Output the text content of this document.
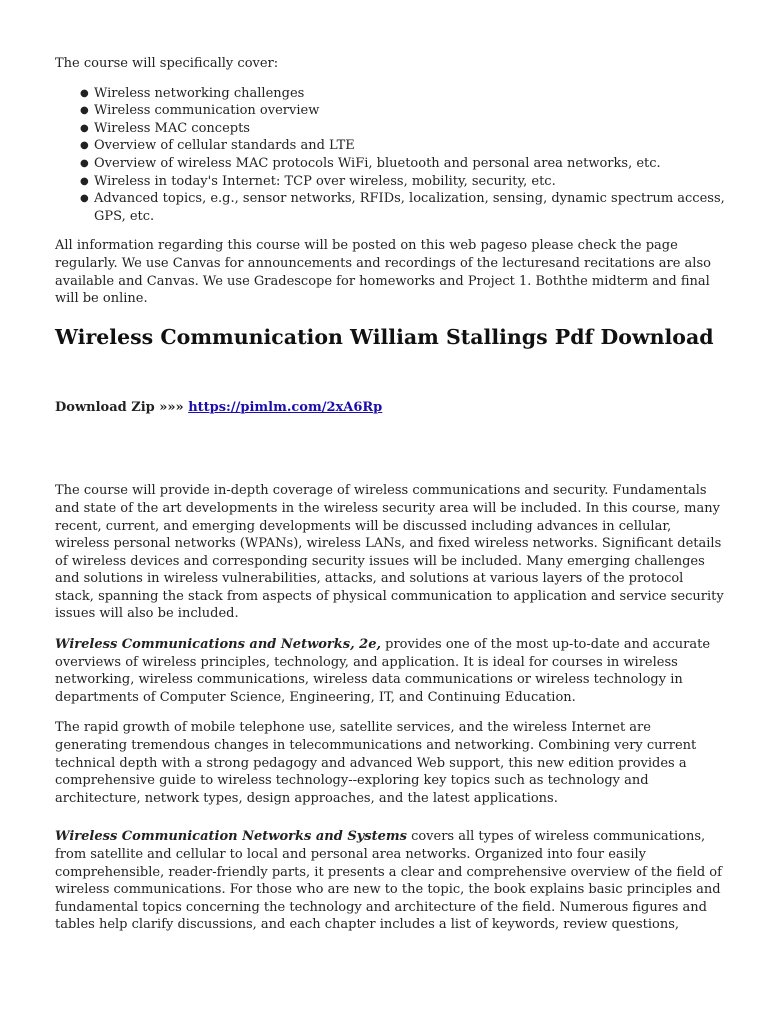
The course will specifically cover:

● Wireless networking challenges
● Wireless communication overview
● Wireless MAC concepts
● Overview of cellular standards and LTE
● Overview of wireless MAC protocols WiFi, bluetooth and personal area networks, etc.
● Wireless in today's Internet: TCP over wireless, mobility, security, etc.
● Advanced topics, e.g., sensor networks, RFIDs, localization, sensing, dynamic spectrum access, GPS, etc.

All information regarding this course will be posted on this web pageso please check the page regularly. We use Canvas for announcements and recordings of the lecturesand recitations are also available and Canvas. We use Gradescope for homeworks and Project 1. Boththe midterm and final will be online.

Wireless Communication William Stallings Pdf Download

Download Zip »»» https://pimlm.com/2xA6Rp

The course will provide in-depth coverage of wireless communications and security. Fundamentals and state of the art developments in the wireless security area will be included. In this course, many recent, current, and emerging developments will be discussed including advances in cellular, wireless personal networks (WPANs), wireless LANs, and fixed wireless networks. Significant details of wireless devices and corresponding security issues will be included. Many emerging challenges and solutions in wireless vulnerabilities, attacks, and solutions at various layers of the protocol stack, spanning the stack from aspects of physical communication to application and service security issues will also be included.

Wireless Communications and Networks, 2e, provides one of the most up-to-date and accurate overviews of wireless principles, technology, and application. It is ideal for courses in wireless networking, wireless communications, wireless data communications or wireless technology in departments of Computer Science, Engineering, IT, and Continuing Education.

The rapid growth of mobile telephone use, satellite services, and the wireless Internet are generating tremendous changes in telecommunications and networking. Combining very current technical depth with a strong pedagogy and advanced Web support, this new edition provides a comprehensive guide to wireless technology--exploring key topics such as technology and architecture, network types, design approaches, and the latest applications.

Wireless Communication Networks and Systems covers all types of wireless communications, from satellite and cellular to local and personal area networks. Organized into four easily comprehensible, reader-friendly parts, it presents a clear and comprehensive overview of the field of wireless communications. For those who are new to the topic, the book explains basic principles and fundamental topics concerning the technology and architecture of the field. Numerous figures and tables help clarify discussions, and each chapter includes a list of keywords, review questions,
